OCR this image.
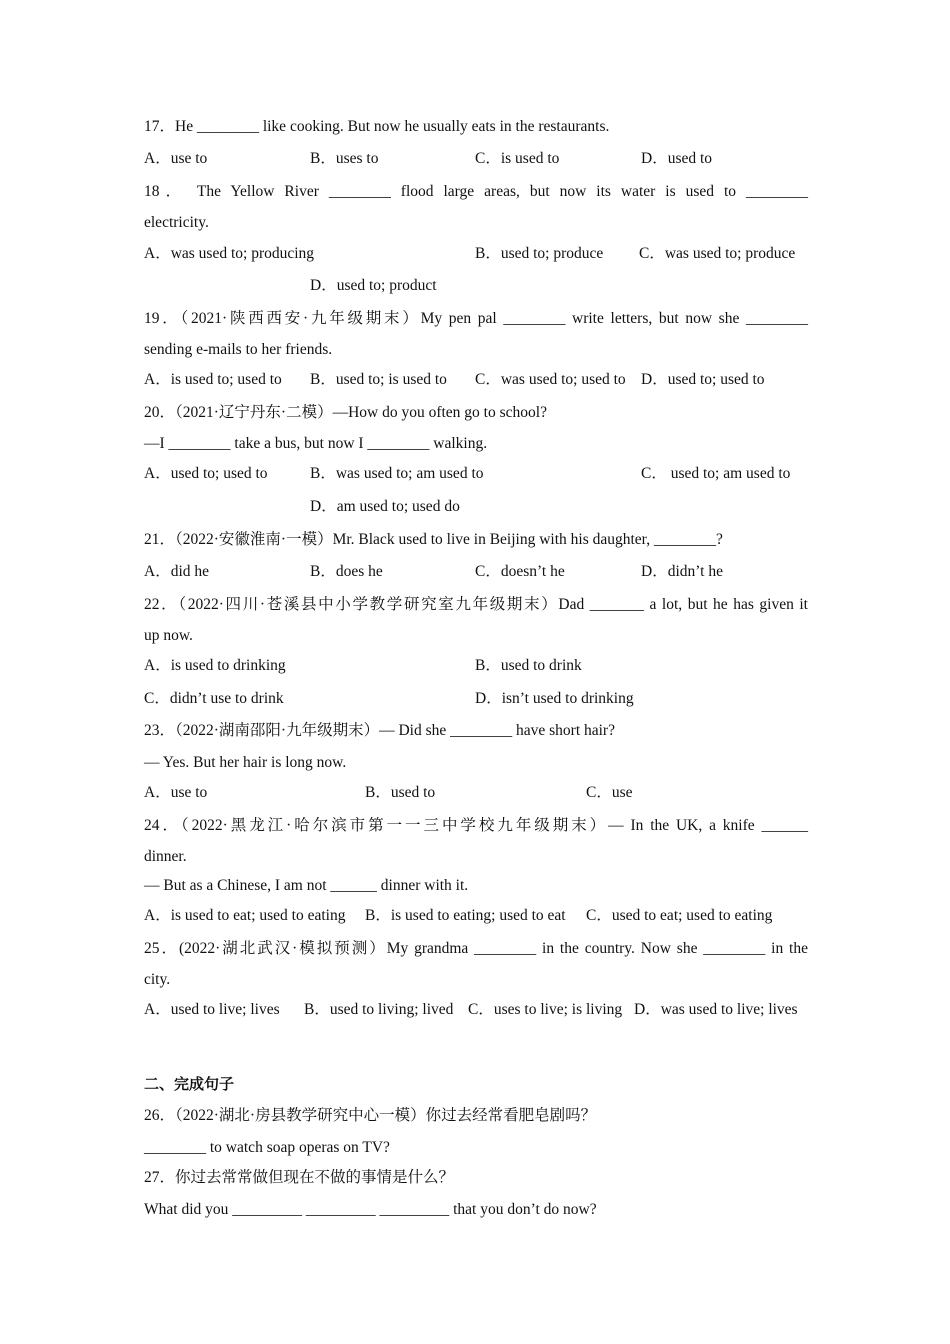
17．He ________ like cooking. But now he usually eats in the restaurants.
A．use to	B．uses to	C．is used to	D．used to
18． The Yellow River ________ flood large areas, but now its water is used to ________
electricity.
A．was used to; producing	B．used to; produce C．was used to; produce
D．used to; product
19．（2021·陕西西安·九年级期末）My pen pal ________ write letters, but now she ________
sending e-mails to her friends.
A．is used to; used to B．used to; is used to C．was used to; used to D．used to; used to
20．（2021·辽宁丹东·二模）—How do you often go to school?
—I ________ take a bus, but now I ________ walking.
A．used to; used to	B．was used to; am used to	C． used to; am used to
D．am used to; used do
21．（2022·安徽淮南·一模）Mr. Black used to live in Beijing with his daughter, ________?
A．did he	B．does he	C．doesn’t he	D．didn’t he
22．（2022·四川·苍溪县中小学教学研究室九年级期末）Dad _______ a lot, but he has given it
up now.
A．is used to drinking	B．used to drink
C．didn’t use to drink	D．isn’t used to drinking
23．（2022·湖南邵阳·九年级期末）— Did she ________ have short hair?
— Yes. But her hair is long now.
A．use to	B．used to	C．use
24．（2022·黑龙江·哈尔滨市第一一三中学校九年级期末）— In the UK, a knife ______
dinner.
— But as a Chinese, I am not ______ dinner with it.
A．is used to eat; used to eating B．is used to eating; used to eat C．used to eat; used to eating
25．(2022·湖北武汉·模拟预测）My grandma ________ in the country. Now she ________ in the
city.
A．used to live; lives B．used to living; lived C．uses to live; is living D．was used to live; lives
二、完成句子
26．（2022·湖北·房县教学研究中心一模）你过去经常看肥皂剧吗？
________ to watch soap operas on TV?
27．你过去常常做但现在不做的事情是什么？
What did you _________ _________ _________ that you don’t do now?
